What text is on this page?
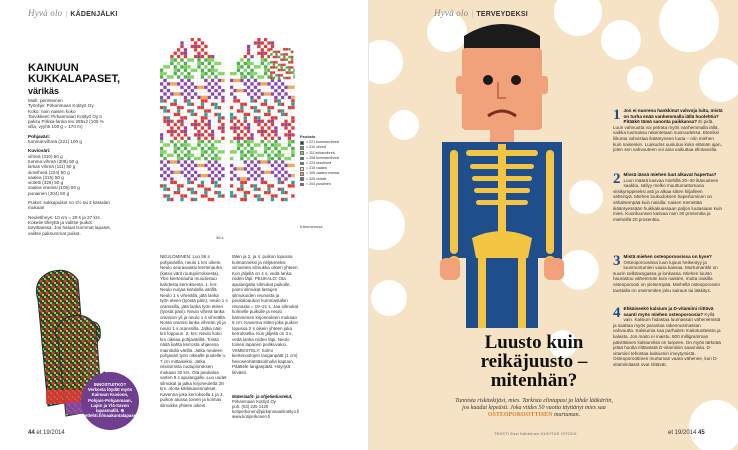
Hyvä olo | KÄDENJÄLKI
KAINUUN KUKKALAPASET,
värikäs
Malli: perinteinen
Työohje: Pirkanmaan Kotityö Oy
Koko: noin naisen koko
Tarvikkeet: Pirkanmaan Kotityö Oy:n paksu Pirkka-lanka tex 285x2 (100 % villa, vyyhti 100 g = 170 m)
Pohjaväri:
tummanvihreä (221) 100 g
Kuvioväri:
vihreä (310) 50 g
tumma vihreä (308) 50 g
kirkas vihreä (111) 50 g
sinivihreä (224) 50 g
vaalea (315) 50 g
violetti (326) 50 g
vaalea oranssi (105) 50 g
punainen (204) 50 g
Puikot: sukkapuikot no 2½ tai 3 käsialan mukaan
Neuletiheys: 10 cm = 29 s ja 27 krs. Kokeile tiheyttä ja valitse puikot tarvittaessa. Jos haluat isommat lapaset, valitse paksummat puikot.
38 s
Kämmenosa
Peukalo
= 221 tummanvihreä
= 310 vihreä
= 111 kirkasvihreä
= 208 tummanvihreä
= 224 sinivihreä
= 315 vaalea
= 105 vaalea oranssi
= 326 violetti
= 204 punainen
INNOSTUITKO? Verkosta löydät myös Kainuun Kuvioon, Pohjois-Pohjanmaan, Lapin ja Ylä-Savon lapasmallit. ⊕ etlehti.fi/maakuntalapaset
NEULOMINEN: Luo 56 s pohjavärillä, neulo 1 krs oikein. Neulo seuraavaksi kiertenauha (katso värit ruutupiirroksesta). Yksi kiertenauha muodostuu kahdesta kerroksesta. 1. krs: Neulo nurjaa kahdella värillä. Neulo 1 s vihreällä, jätä lanka työn eteen (työstä päin), neulo 1 s oranssilla, jätä lanka työn eteen (työstä päin). Neulo vihreä lanka oranssin yli ja neulo 1 s vihreällä. Nosta oranssi lanka vihreän yli ja neulo 1 s oranssilla. Jatka näin krs loppuun. 2. krs: Neulo koko krs oikeaa pohjavärillä. Toista näitä kahta kerrosta ohjeessa mainitulla värillä. Jatka neuleen pohjaväri työn oikealle puolelle n. 7 cm mittaiseksi. Jatka neulomista ruutupiirroksen mukaan 32 krs. Ota peukaloa varten 9 s apulangalle. Luo uudet silmukat ja jatka kirjoneuletta 28 krs. Aloita kärkikavennukset. Kavenna joka kerroksella 1 ja 3. puikon alussa toinen ja kolmas silmukka yhteen oikein.
tälen ja 2. ja 4. puikon lopussa kolmanneksi ja neljänneksi viimeinen silmukka oikein yhteen. Kun jäljellä on 4 s, vedä lanka niiden läpi. PEUKALO: Ota apulangalta silmukat puikolle, poimi silmukat lastujen silmukoiden reunasta ja peukaloaukon kummastakin reunasta = 19–21 s. Jaa silmukat kolmelle puikolle ja neulo kämmenen kirjoneuleen mukaan 5 cm. Kavenna sitten joka puikon lopussa 2 s oikein yhteen joka kerroksella. Kun jäljellä on 3 s, vedä lanka niiden läpi. Neulo toinen lapanen peilikuvaksi. VIIMEISTELY: Solmi kiertenostojen langanpäät (1 cm) hevosenhäntäsolmulla kapuun. Päättele langanpäät. Höyrytä lievästi.
Materiaalit- ja ohjetiedustelut,
Pirkanmaan Kotityö Oy
puh. (03) 225 1420
kotiperkonen@pirkanmaankotityo.fi
www.kotiperkonen.fi
44 et 19/2014
Hyvä olo | TERVEYDEKSI
Luusto kuin reikäjuusto – mitenhän?
Tunnista riskitekijäsi, mies. Tarkista elintapasi ja lähde lääkäriin, jos kaadut kipeästi. Joka viides 50 vuotta täyttänyt mies saa OSTEOPOROOTTISEN murtuman.
1 Jos ei nuorena hankkinut vahvoja luita, mistä on turha enää vanhemmalla iällä huolehtia? Pitääkö tämä sanonta paikkansa? Ei pidä. Luun vahvuutta voi petrata myös vanhemmalla iällä, vaikka luumassa rakentetaan nuoruudessa. Eteniksi liikunta vahvistaa ikääntyneen luuta – niin miehen kuin naisenkin. Luukudos uusiutuu koko elämän ajan, joten sen vahvuuteen voi aina vaikuttaa elintavoilla.
2 Missä iässä miehen luut alkavat hapertua? Luun määrä kasvaa miehillä 20–30 ikävuoteen saakka, säilyy melko muuttumattomana viisikymppiseksi asti ja alkaa sitten hiljalleen vähentyä. Miehen luukudoksen hapertuminen on vähäisempää kuin naisilla: naisen menettää ikääntyessään huikkakuussaan paljon luutasiaan kuin mies. Kuoriluunsen kasvaa noin 30 prosenttia ja mieheillä 20 prosenttia.
3 Mistä miehen osteoporoosissa on kyse? Osteoporoosissa luun lujuus heikentyy ja luunmurtumien vaara kasvaa. Murtumariski on suurin selkärangassa ja lonkassa. Miehen luusto haurastuu vähemmän kuin naisten, mutta naisilla osteoporoosi on yleisempää. Miehellä osteoporoosin taustalla on useimmiten joku sairaus tai lääkitys.
4 Ehkäiseekö kalsium ja D-vitamiini riittävä saanti myös miehen osteoporoosia? Kyllä vain. Kalsium hidastaa luumassan vähenemistä ja saattaa myös parantaa rakennusmassan vahvuutta. Kalsiumia saa parhaiten maitotuotteista ja kalasta. Jos maito ei maistu, 800 milligramman päivittäinen kalsiumlisä on tarpeen. On myös tärkeää pitää huolta riittävästä D-vitamiinin saannista. D-vitamiini tehostaa kalsiumin imeytymistä. Osteoporoottinen murtuman vaara vähenee, kun D-vitamiinitasot ovat riittävät.
TEKSTI Essi Kähkönen KUVITUS ISTOCK	et 19/2014 45
